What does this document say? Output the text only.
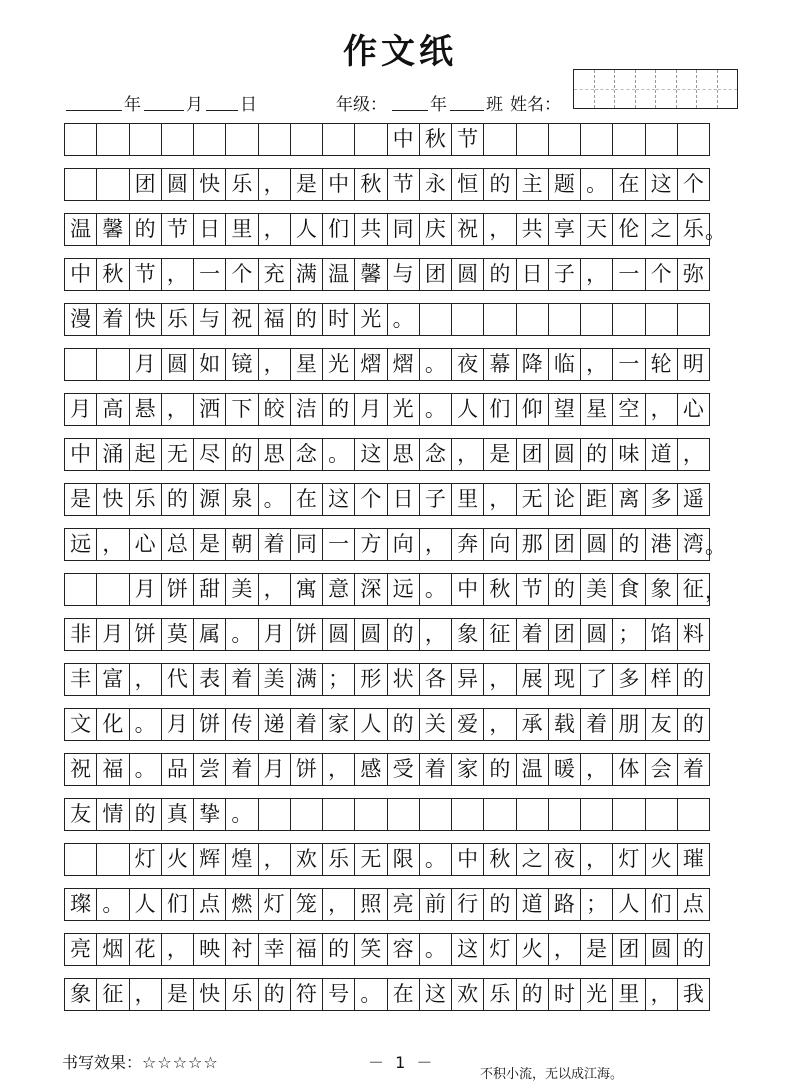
作文纸
年	月 日	年级：	年 班 姓名：
中 秋 节
团 圆 快 乐 ， 是 中 秋 节 永 恒 的 主 题 。 在 这 个
温 馨 的 节 日 里 ， 人 们 共 同 庆 祝 ， 共 享 天 伦 之 乐 。
中 秋 节 ， 一 个 充 满 温 馨 与 团 圆 的 日 子 ， 一 个 弥
漫 着 快 乐 与 祝 福 的 时 光 。
月 圆 如 镜 ， 星 光 熠 熠 。 夜 幕 降 临 ， 一 轮 明
月 高 悬 ， 洒 下 皎 洁 的 月 光 。 人 们 仰 望 星 空 ， 心
中 涌 起 无 尽 的 思 念 。 这 思 念 ， 是 团 圆 的 味 道 ，
是 快 乐 的 源 泉 。 在 这 个 日 子 里 ， 无 论 距 离 多 遥
远 ， 心 总 是 朝 着 同 一 方 向 ， 奔 向 那 团 圆 的 港 湾 。
月 饼 甜 美 ， 寓 意 深 远 。 中 秋 节 的 美 食 象 征 ，
非 月 饼 莫 属 。 月 饼 圆 圆 的 ， 象 征 着 团 圆 ； 馅 料
丰 富 ， 代 表 着 美 满 ； 形 状 各 异 ， 展 现 了 多 样 的
文 化 。 月 饼 传 递 着 家 人 的 关 爱 ， 承 载 着 朋 友 的
祝 福 。 品 尝 着 月 饼 ， 感 受 着 家 的 温 暖 ， 体 会 着
友 情 的 真 挚 。
灯 火 辉 煌 ， 欢 乐 无 限 。 中 秋 之 夜 ， 灯 火 璀
璨 。 人 们 点 燃 灯 笼 ， 照 亮 前 行 的 道 路 ； 人 们 点
亮 烟 花 ， 映 衬 幸 福 的 笑 容 。 这 灯 火 ， 是 团 圆 的
象 征 ， 是 快 乐 的 符 号 。 在 这 欢 乐 的 时 光 里 ， 我
书写效果：☆☆☆☆☆	－ 1 －
不积小流，无以成江海。
